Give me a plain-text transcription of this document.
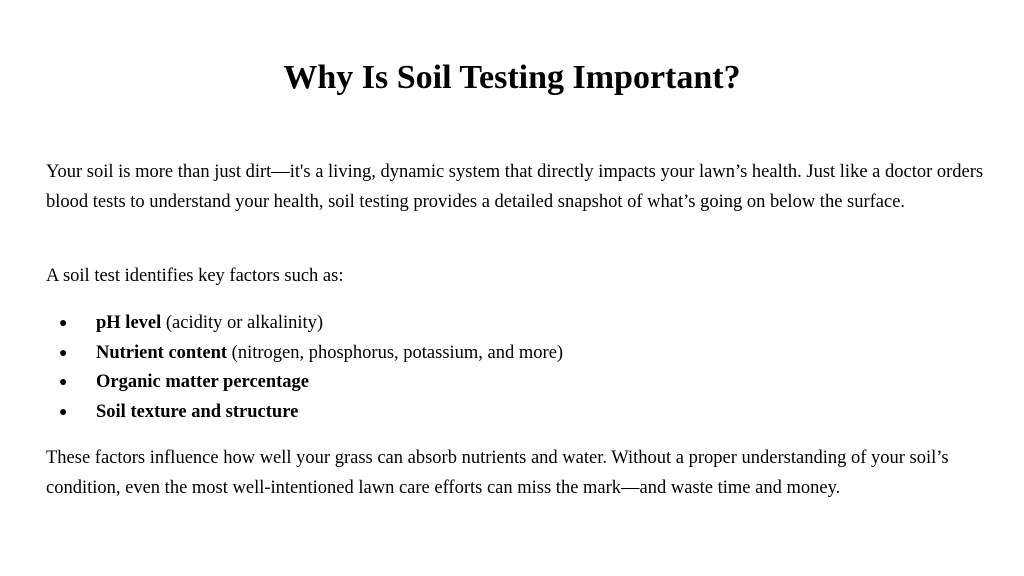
Why Is Soil Testing Important?

Your soil is more than just dirt—it's a living, dynamic system that directly impacts your lawn’s health. Just like a doctor orders blood tests to understand your health, soil testing provides a detailed snapshot of what’s going on below the surface.

A soil test identifies key factors such as:

● pH level (acidity or alkalinity)
● Nutrient content (nitrogen, phosphorus, potassium, and more)
● Organic matter percentage
● Soil texture and structure

These factors influence how well your grass can absorb nutrients and water. Without a proper understanding of your soil’s condition, even the most well-intentioned lawn care efforts can miss the mark—and waste time and money.
